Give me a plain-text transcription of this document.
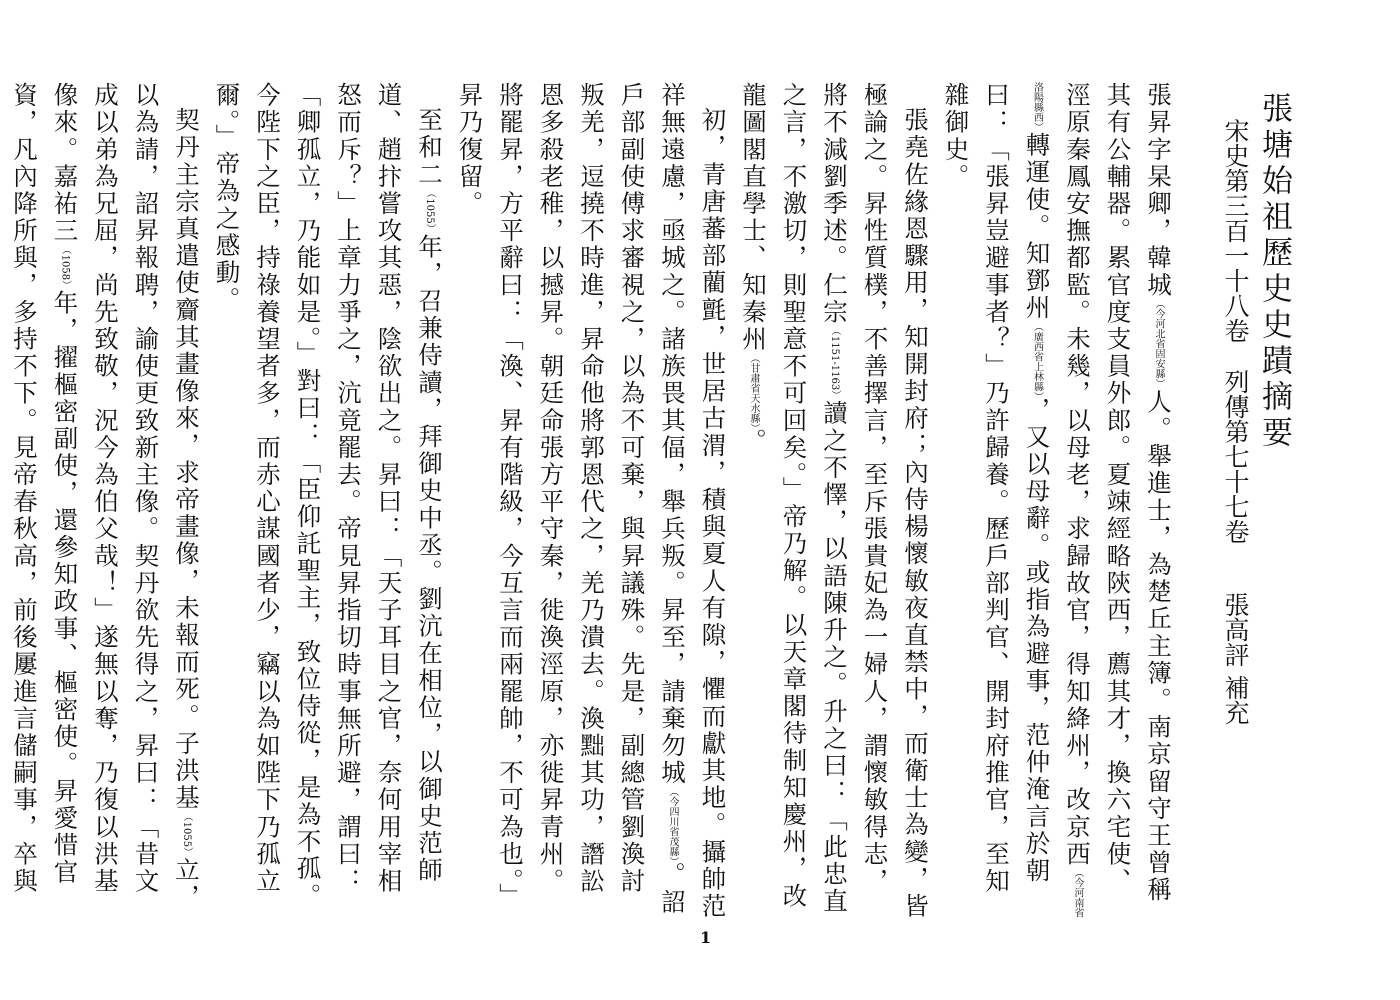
張塘始祖歷史史蹟摘要
宋史第三百一十八卷列傳第七十七卷張高評 補充

張昇字杲卿，韓城（今河北省固安縣）人。舉進士，為楚丘主簿。南京留守王曾稱其有公輔器。累官度支員外郎。夏竦經略陝西，薦其才，換六宅使、涇原秦鳳安撫都監。未幾，以母老，求歸故官，得知絳州，改京西（今河南省洛陽縣西）轉運使。知鄧州（廣西省上林縣），又以母辭。或指為避事，范仲淹言於朝曰：「張昇豈避事者？」乃許歸養。歷戶部判官、開封府推官，至知雜御史。

張堯佐緣恩驟用，知開封府；內侍楊懷敏夜直禁中，而衛士為變，皆極論之。昇性質樸，不善擇言，至斥張貴妃為一婦人，謂懷敏得志，將不減劉季述。仁宗（1151-1163）讀之不懌，以語陳升之。升之曰：「此忠直之言，不激切，則聖意不可回矣。」帝乃解。以天章閣待制知慶州，改龍圖閣直學士、知秦州（甘肅省天水縣）。

初，青唐蕃部藺氈，世居古渭，積與夏人有隙，懼而獻其地。攝帥范祥無遠慮，亟城之。諸族畏其偪，舉兵叛。昇至，請棄勿城（今四川省茂縣）。詔戶部副使傅求審視之，以為不可棄，與昇議殊。先是，副總管劉渙討叛羌，逗撓不時進，昇命他將郭恩代之，羌乃潰去。渙黜其功，譖訟恩多殺老稚，以撼昇。朝廷命張方平守秦，徙渙涇原，亦徙昇青州。將罷昇，方平辭曰：「渙、昇有階級，今互言而兩罷帥，不可為也。」昇乃復留。

至和二（1055）年，召兼侍讀，拜御史中丞。劉沆在相位，以御史范師道、趙抃嘗攻其惡，陰欲出之。昇曰：「天子耳目之官，奈何用宰相怒而斥？」上章力爭之，沆竟罷去。帝見昇指切時事無所避，謂曰：「卿孤立，乃能如是。」對曰：「臣仰託聖主，致位侍從，是為不孤。今陛下之臣，持祿養望者多，而赤心謀國者少，竊以為如陛下乃孤立爾。」帝為之感動。

契丹主宗真遣使齎其畫像來，求帝畫像，未報而死。子洪基（1055）立，以為請，詔昇報聘，諭使更致新主像。契丹欲先得之，昇曰：「昔文成以弟為兄屈，尚先致敬，況今為伯父哉！」遂無以奪，乃復以洪基像來。嘉祐三（1058）年，擢樞密副使，還參知政事、樞密使。昇愛惜官資，凡內降所與，多持不下。見帝春秋高，前後屢進言儲嗣事，卒與

1
